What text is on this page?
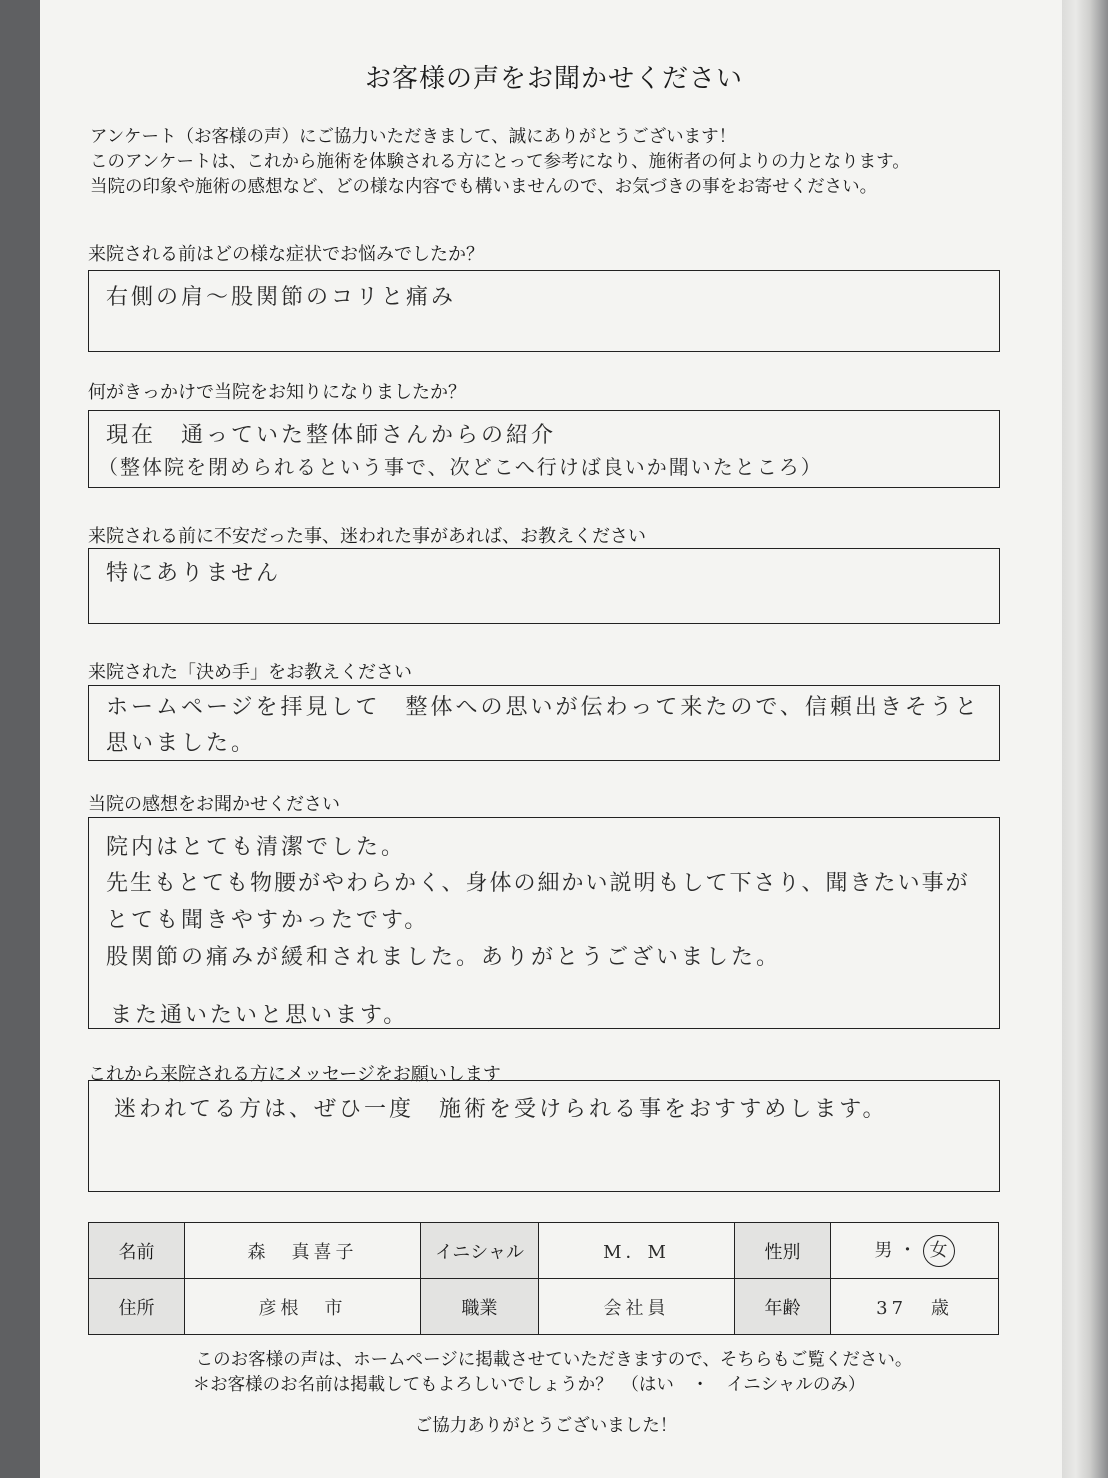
お客様の声をお聞かせください
アンケート（お客様の声）にご協力いただきまして、誠にありがとうございます！
このアンケートは、これから施術を体験される方にとって参考になり、施術者の何よりの力となります。
当院の印象や施術の感想など、どの様な内容でも構いませんので、お気づきの事をお寄せください。
来院される前はどの様な症状でお悩みでしたか？
右側の肩～股関節のコリと痛み
何がきっかけで当院をお知りになりましたか？
現在　通っていた整体師さんからの紹介
（整体院を閉められるという事で、次どこへ行けば良いか聞いたところ）
来院される前に不安だった事、迷われた事があれば、お教えください
特にありません
来院された「決め手」をお教えください
ホームページを拝見して　整体への思いが伝わって来たので、信頼出きそうと
思いました。
当院の感想をお聞かせください
院内はとても清潔でした。
先生もとても物腰がやわらかく、身体の細かい説明もして下さり、聞きたい事が
とても聞きやすかったです。
股関節の痛みが緩和されました。ありがとうございました。
また通いたいと思います。
これから来院される方にメッセージをお願いします
迷われてる方は、ぜひ一度　施術を受けられる事をおすすめします。
名前	森　真喜子	イニシャル	M．M	性別	男・ 女
住所	彦根　市	職業	会社員	年齢	37 歳
このお客様の声は、ホームページに掲載させていただきますので、そちらもご覧ください。
＊お客様のお名前は掲載してもよろしいでしょうか？　（はい　・　イニシャルのみ）
ご協力ありがとうございました！
